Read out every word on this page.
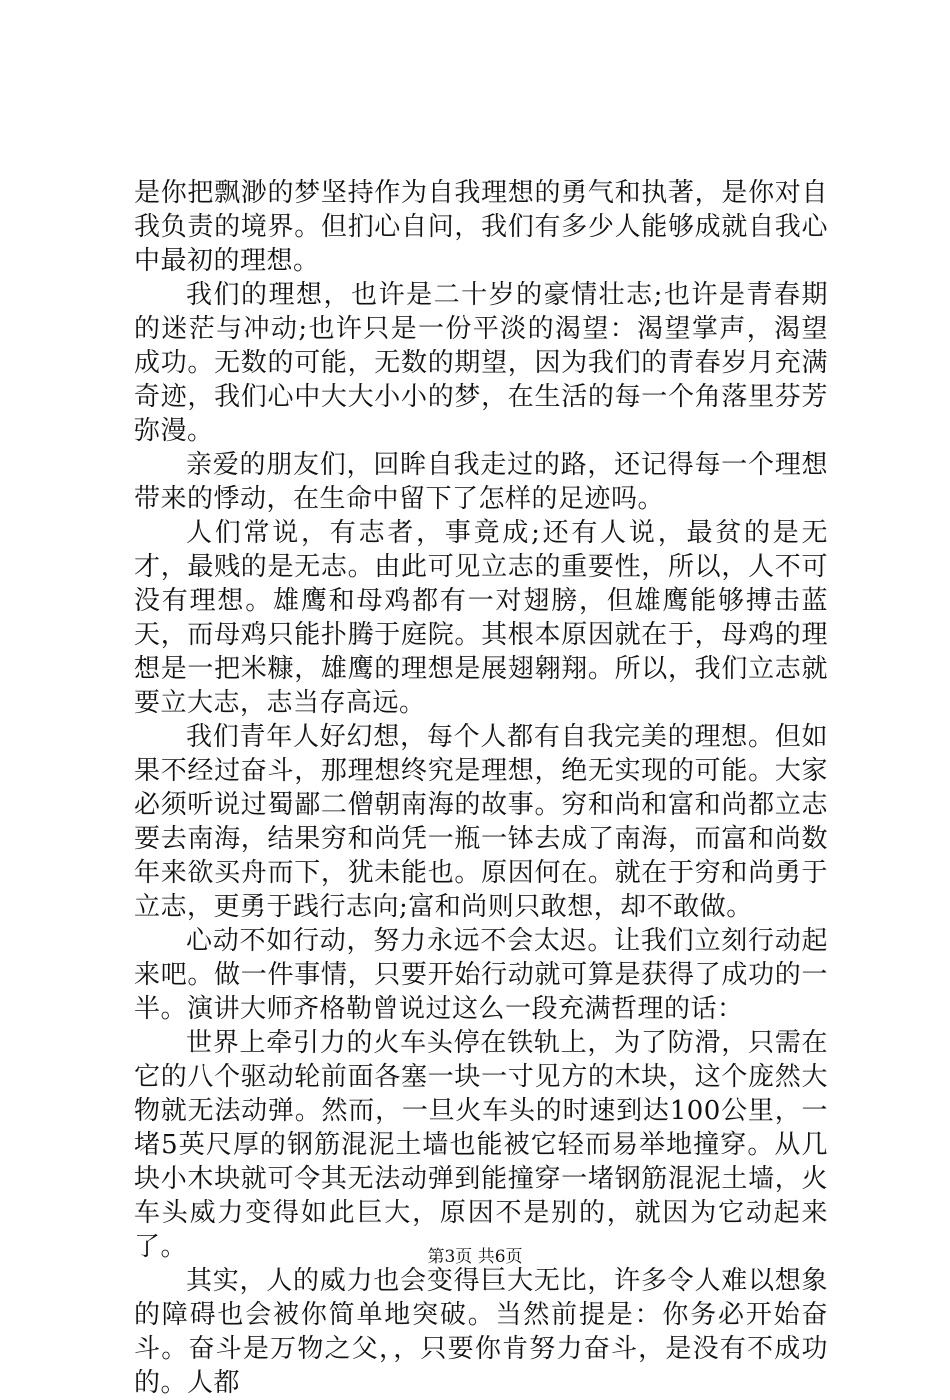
是你把飘渺的梦坚持作为自我理想的勇气和执著，是你对自我负责的境界。但扪心自问，我们有多少人能够成就自我心中最初的理想。

我们的理想，也许是二十岁的豪情壮志;也许是青春期的迷茫与冲动;也许只是一份平淡的渴望：渴望掌声，渴望成功。无数的可能，无数的期望，因为我们的青春岁月充满奇迹，我们心中大大小小的梦，在生活的每一个角落里芬芳弥漫。

亲爱的朋友们，回眸自我走过的路，还记得每一个理想带来的悸动，在生命中留下了怎样的足迹吗。

人们常说，有志者，事竟成;还有人说，最贫的是无才，最贱的是无志。由此可见立志的重要性，所以，人不可没有理想。雄鹰和母鸡都有一对翅膀，但雄鹰能够搏击蓝天，而母鸡只能扑腾于庭院。其根本原因就在于，母鸡的理想是一把米糠，雄鹰的理想是展翅翱翔。所以，我们立志就要立大志，志当存高远。

我们青年人好幻想，每个人都有自我完美的理想。但如果不经过奋斗，那理想终究是理想，绝无实现的可能。大家必须听说过蜀鄙二僧朝南海的故事。穷和尚和富和尚都立志要去南海，结果穷和尚凭一瓶一钵去成了南海，而富和尚数年来欲买舟而下，犹未能也。原因何在。就在于穷和尚勇于立志，更勇于践行志向;富和尚则只敢想，却不敢做。

心动不如行动，努力永远不会太迟。让我们立刻行动起来吧。做一件事情，只要开始行动就可算是获得了成功的一半。演讲大师齐格勒曾说过这么一段充满哲理的话：

世界上牵引力的火车头停在铁轨上，为了防滑，只需在它的八个驱动轮前面各塞一块一寸见方的木块，这个庞然大物就无法动弹。然而，一旦火车头的时速到达100公里，一堵5英尺厚的钢筋混泥土墙也能被它轻而易举地撞穿。从几块小木块就可令其无法动弹到能撞穿一堵钢筋混泥土墙，火车头威力变得如此巨大，原因不是别的，就因为它动起来了。

其实，人的威力也会变得巨大无比，许多令人难以想象的障碍也会被你简单地突破。当然前提是：你务必开始奋斗。奋斗是万物之父，，只要你肯努力奋斗，是没有不成功的。人都

第3页 共6页
